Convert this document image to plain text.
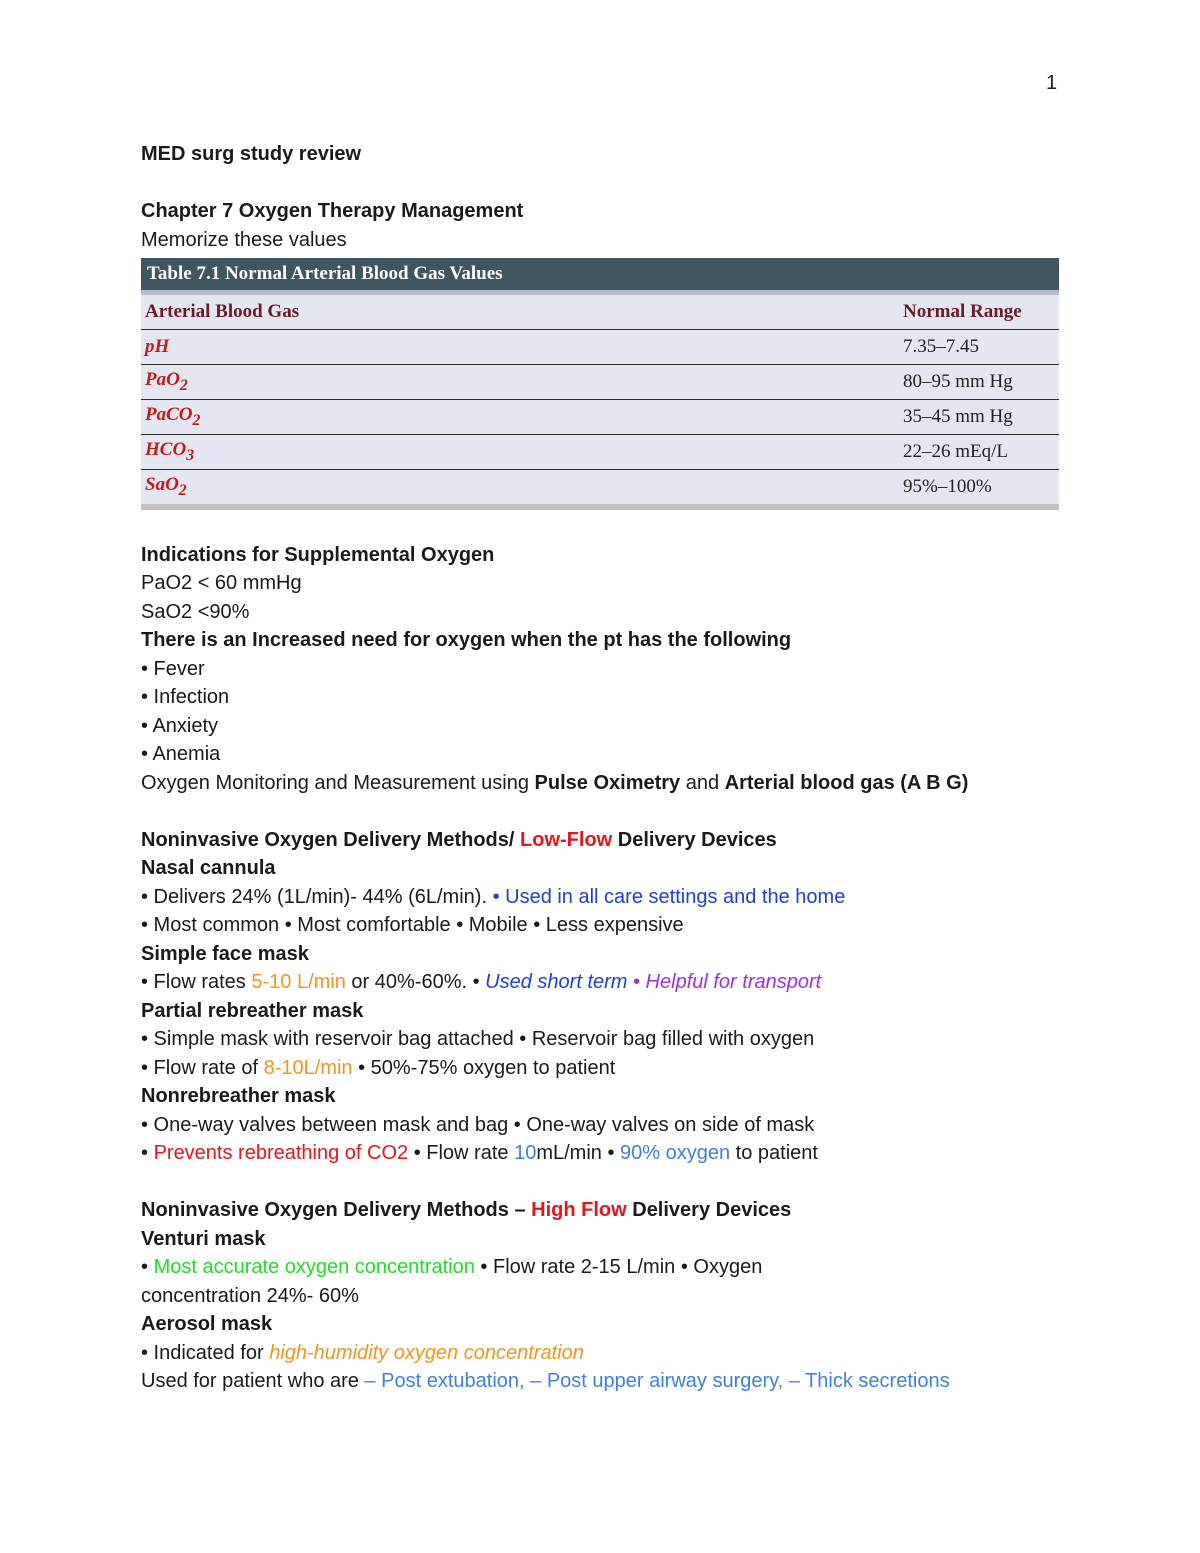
1
MED surg study review
Chapter 7 Oxygen Therapy Management
Memorize these values
Table 7.1 Normal Arterial Blood Gas Values	
Arterial Blood Gas	Normal Range
pH	7.35–7.45
PaO$_2$	80–95 mm Hg
PaCO$_2$	35–45 mm Hg
$HCO_3$	22–26 mEq/L
SaO$_2$	95%–100%
Indications for Supplemental Oxygen
PaO2 < 60 mmHg
SaO2 <90%
There is an Increased need for oxygen when the pt has the following
• Fever
• Infection
• Anxiety
• Anemia
Oxygen Monitoring and Measurement using Pulse Oximetry and Arterial blood gas (A B G)
Noninvasive Oxygen Delivery Methods/ Low-Flow Delivery Devices
Nasal cannula
• Delivers 24% (1L/min)- 44% (6L/min). • Used in all care settings and the home
• Most common • Most comfortable • Mobile • Less expensive
Simple face mask
• Flow rates 5-10 L/min or 40%-60%. • Used short term • Helpful for transport
Partial rebreather mask
• Simple mask with reservoir bag attached • Reservoir bag filled with oxygen
• Flow rate of 8-10L/min • 50%-75% oxygen to patient
Nonrebreather mask
• One-way valves between mask and bag • One-way valves on side of mask
• Prevents rebreathing of CO2 • Flow rate 10mL/min • 90% oxygen to patient
Noninvasive Oxygen Delivery Methods – High Flow Delivery Devices
Venturi mask
• Most accurate oxygen concentration • Flow rate 2-15 L/min • Oxygen
concentration 24%- 60%
Aerosol mask
• Indicated for high-humidity oxygen concentration
Used for patient who are – Post extubation, – Post upper airway surgery, – Thick secretions
